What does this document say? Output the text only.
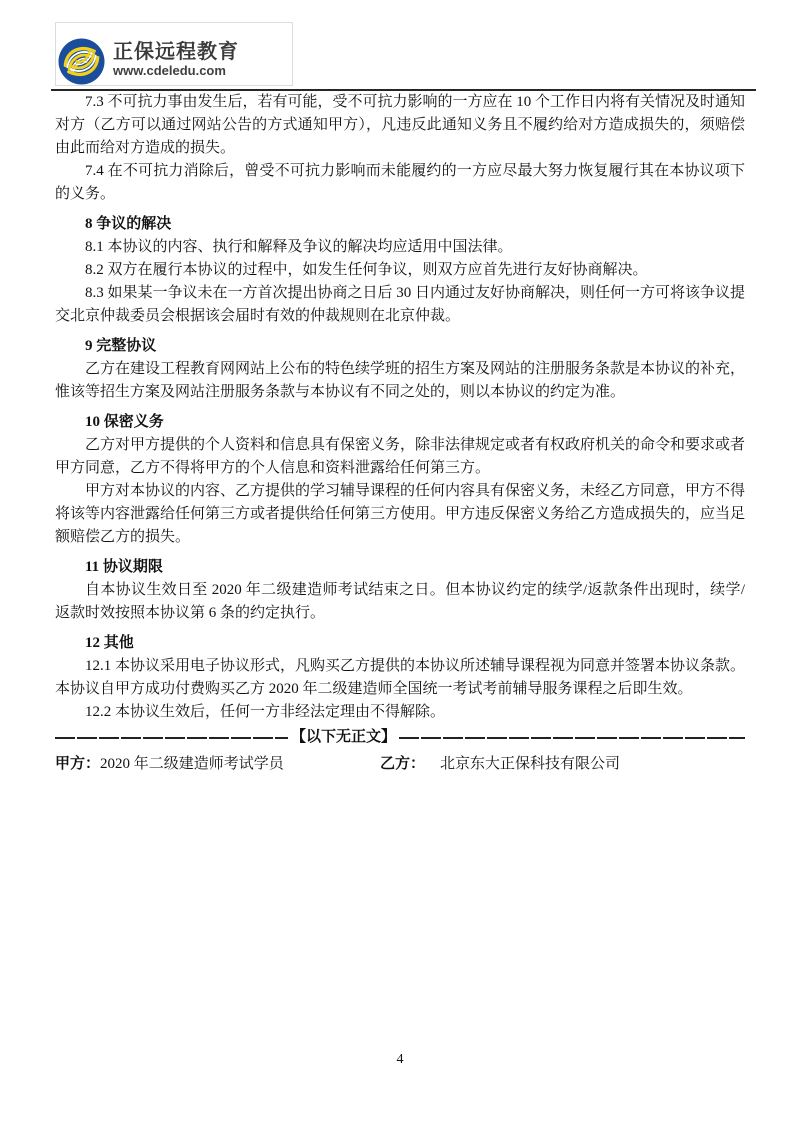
正保远程教育
www.cdeledu.com

7.3 不可抗力事由发生后，若有可能，受不可抗力影响的一方应在 10 个工作日内将有关情况及时通知对方（乙方可以通过网站公告的方式通知甲方），凡违反此通知义务且不履约给对方造成损失的，须赔偿由此而给对方造成的损失。

7.4 在不可抗力消除后，曾受不可抗力影响而未能履约的一方应尽最大努力恢复履行其在本协议项下的义务。

8 争议的解决

8.1 本协议的内容、执行和解释及争议的解决均应适用中国法律。

8.2 双方在履行本协议的过程中，如发生任何争议，则双方应首先进行友好协商解决。

8.3 如果某一争议未在一方首次提出协商之日后 30 日内通过友好协商解决，则任何一方可将该争议提交北京仲裁委员会根据该会届时有效的仲裁规则在北京仲裁。

9 完整协议

乙方在建设工程教育网网站上公布的特色续学班的招生方案及网站的注册服务条款是本协议的补充，惟该等招生方案及网站注册服务条款与本协议有不同之处的，则以本协议的约定为准。

10 保密义务

乙方对甲方提供的个人资料和信息具有保密义务，除非法律规定或者有权政府机关的命令和要求或者甲方同意，乙方不得将甲方的个人信息和资料泄露给任何第三方。

甲方对本协议的内容、乙方提供的学习辅导课程的任何内容具有保密义务，未经乙方同意，甲方不得将该等内容泄露给任何第三方或者提供给任何第三方使用。甲方违反保密义务给乙方造成损失的，应当足额赔偿乙方的损失。

11 协议期限

自本协议生效日至 2020 年二级建造师考试结束之日。但本协议约定的续学/返款条件出现时，续学/返款时效按照本协议第 6 条的约定执行。

12 其他

12.1 本协议采用电子协议形式，凡购买乙方提供的本协议所述辅导课程视为同意并签署本协议条款。本协议自甲方成功付费购买乙方 2020 年二级建造师全国统一考试考前辅导服务课程之后即生效。

12.2 本协议生效后，任何一方非经法定理由不得解除。

【以下无正文】
甲方：2020 年二级建造师考试学员	乙方： 北京东大正保科技有限公司
4
